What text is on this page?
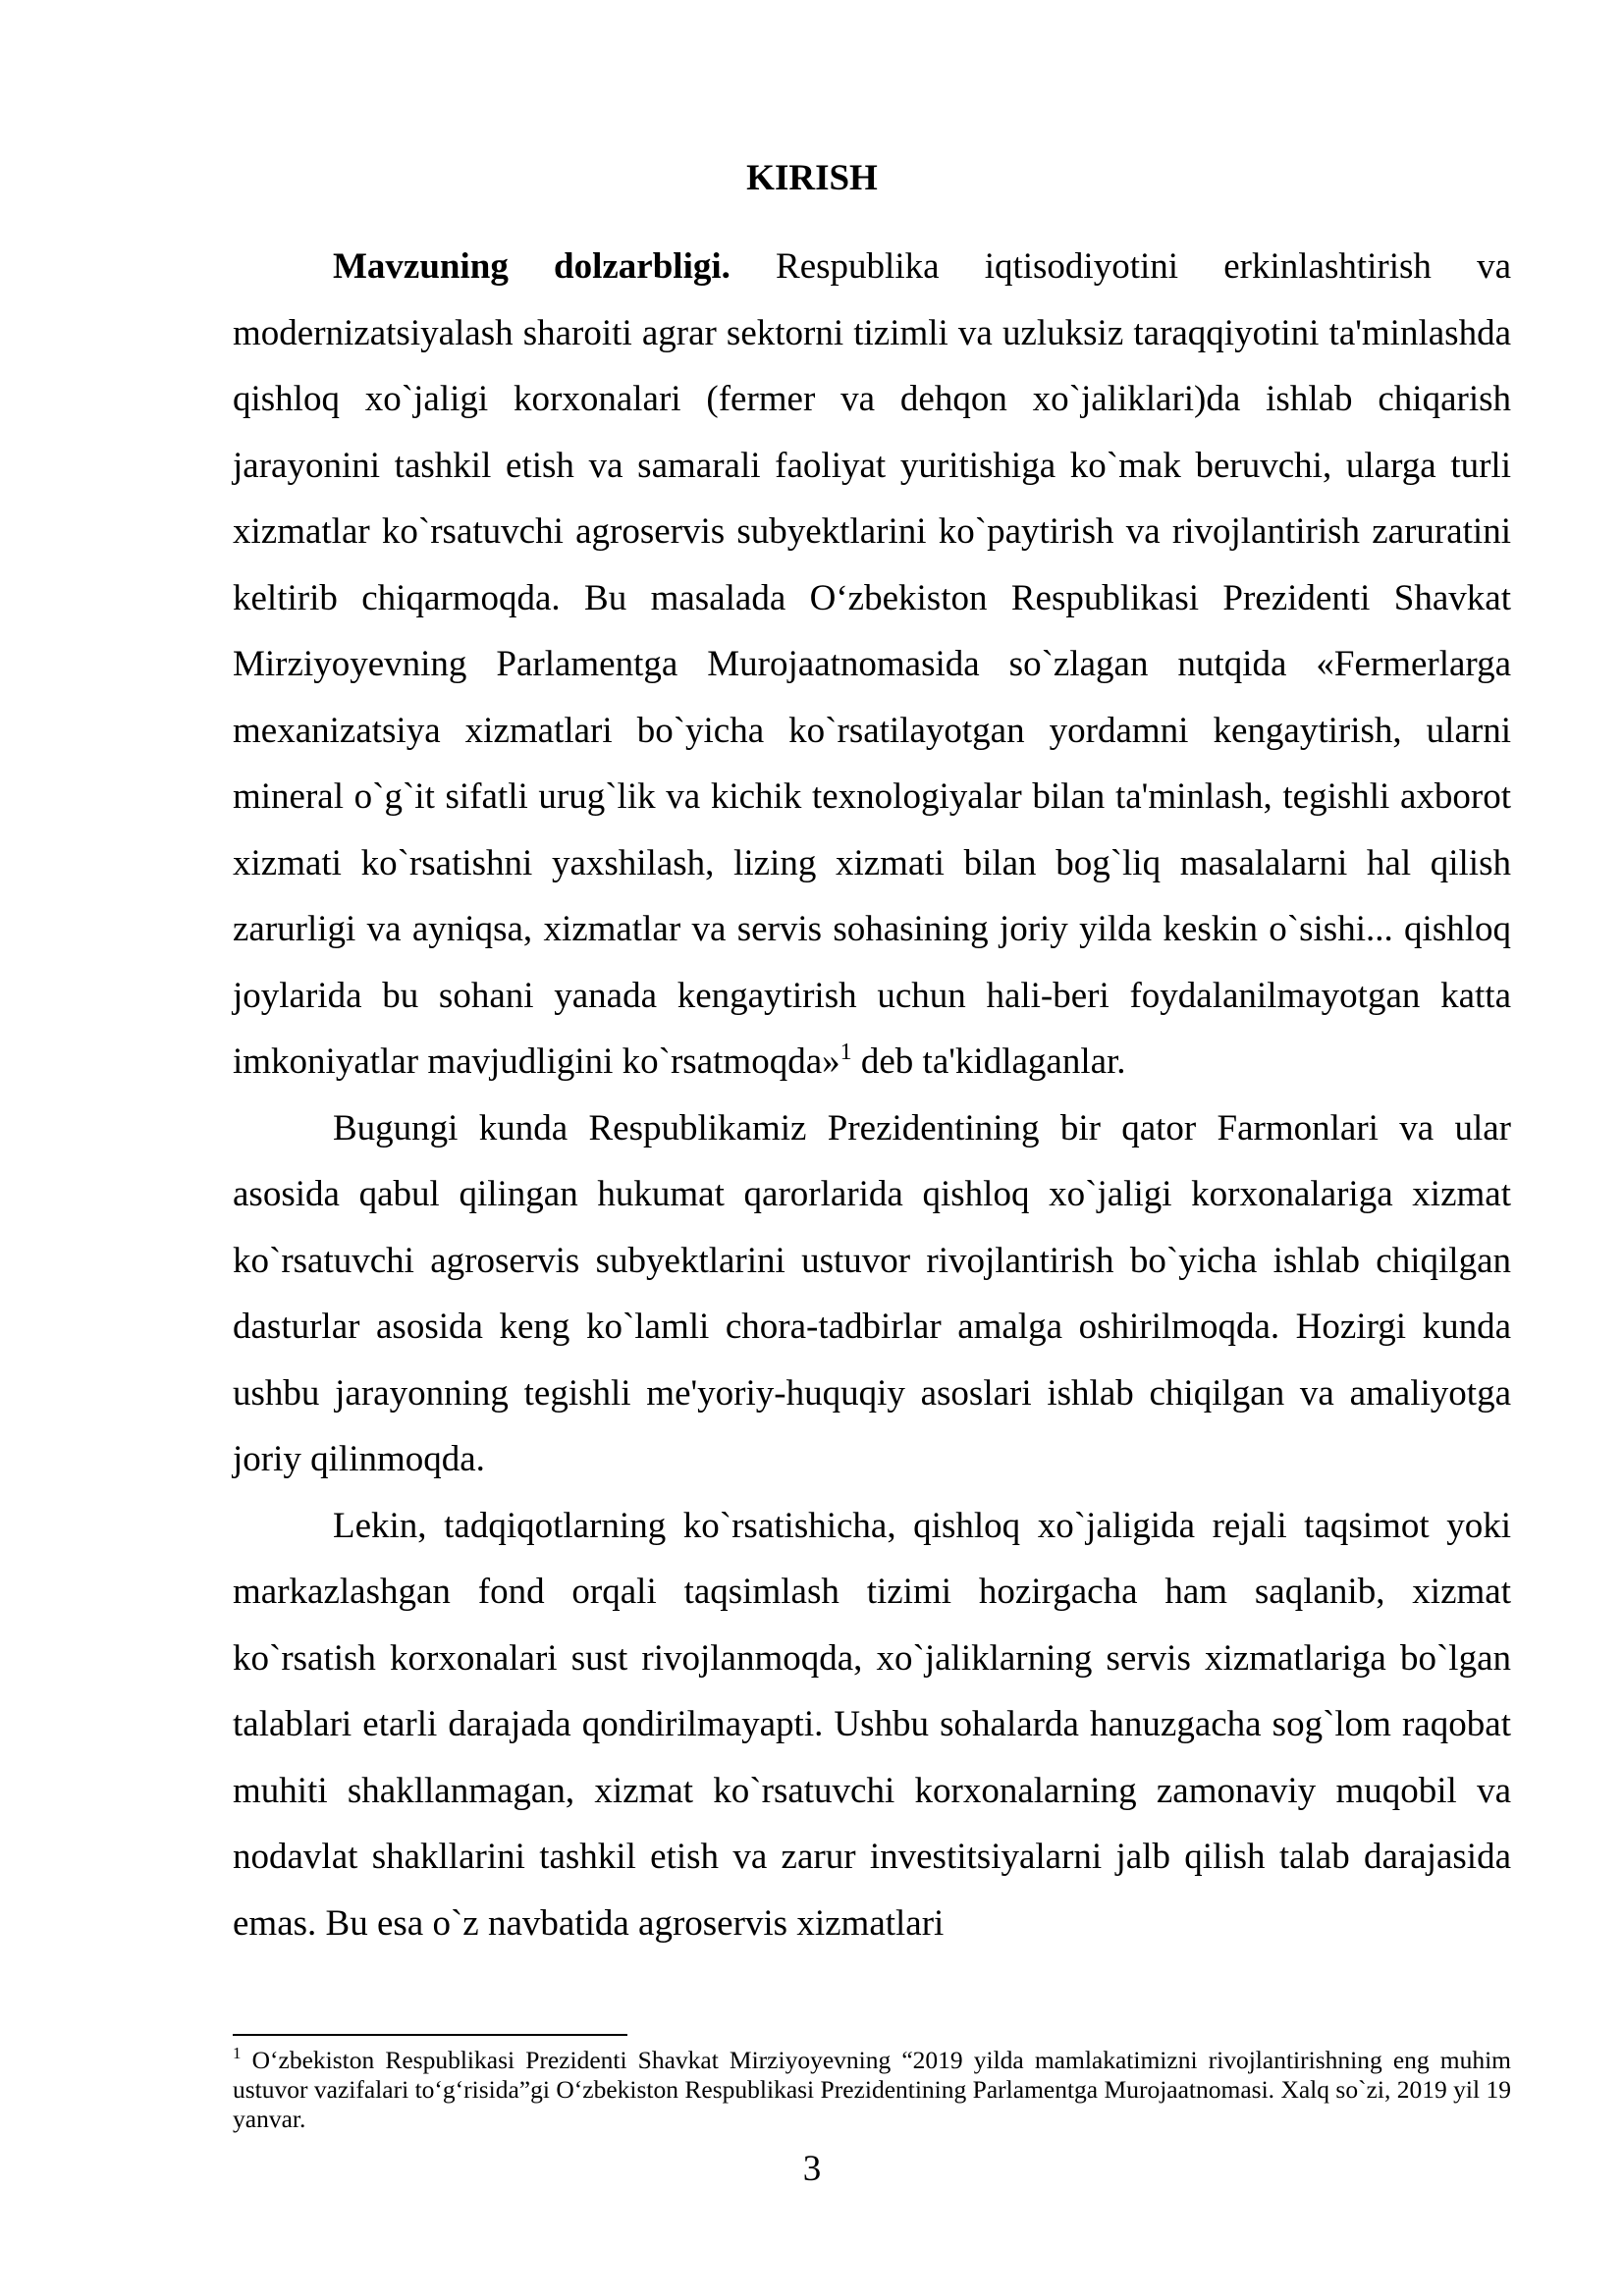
KIRISH

Mavzuning dolzarbligi. Respublika iqtisodiyotini erkinlashtirish va modernizatsiyalash sharoiti agrar sektorni tizimli va uzluksiz taraqqiyotini ta'minlashda qishloq xo`jaligi korxonalari (fermer va dehqon xo`jaliklari)da ishlab chiqarish jarayonini tashkil etish va samarali faoliyat yuritishiga ko`mak beruvchi, ularga turli xizmatlar ko`rsatuvchi agroservis subyektlarini ko`paytirish va rivojlantirish zaruratini keltirib chiqarmoqda. Bu masalada O‘zbekiston Respublikasi Prezidenti Shavkat Mirziyoyevning Parlamentga Murojaatnomasida so`zlagan nutqida «Fermerlarga mexanizatsiya xizmatlari bo`yicha ko`rsatilayotgan yordamni kengaytirish, ularni mineral o`g`it sifatli urug`lik va kichik texnologiyalar bilan ta'minlash, tegishli axborot xizmati ko`rsatishni yaxshilash, lizing xizmati bilan bog`liq masalalarni hal qilish zarurligi va ayniqsa, xizmatlar va servis sohasining joriy yilda keskin o`sishi... qishloq joylarida bu sohani yanada kengaytirish uchun hali-beri foydalanilmayotgan katta imkoniyatlar mavjudligini ko`rsatmoqda»$^1$ deb ta'kidlaganlar.

Bugungi kunda Respublikamiz Prezidentining bir qator Farmonlari va ular asosida qabul qilingan hukumat qarorlarida qishloq xo`jaligi korxonalariga xizmat ko`rsatuvchi agroservis subyektlarini ustuvor rivojlantirish bo`yicha ishlab chiqilgan dasturlar asosida keng ko`lamli chora-tadbirlar amalga oshirilmoqda. Hozirgi kunda ushbu jarayonning tegishli me'yoriy-huquqiy asoslari ishlab chiqilgan va amaliyotga joriy qilinmoqda.

Lekin, tadqiqotlarning ko`rsatishicha, qishloq xo`jaligida rejali taqsimot yoki markazlashgan fond orqali taqsimlash tizimi hozirgacha ham saqlanib, xizmat ko`rsatish korxonalari sust rivojlanmoqda, xo`jaliklarning servis xizmatlariga bo`lgan talablari etarli darajada qondirilmayapti. Ushbu sohalarda hanuzgacha sog`lom raqobat muhiti shakllanmagan, xizmat ko`rsatuvchi korxonalarning zamonaviy muqobil va nodavlat shakllarini tashkil etish va zarur investitsiyalarni jalb qilish talab darajasida emas. Bu esa o`z navbatida agroservis xizmatlari

$^1$ O‘zbekiston Respublikasi Prezidenti Shavkat Mirziyoyevning “2019 yilda mamlakatimizni rivojlantirishning eng muhim ustuvor vazifalari to‘g‘risida”gi O‘zbekiston Respublikasi Prezidentining Parlamentga Murojaatnomasi. Xalq so`zi, 2019 yil 19 yanvar.
3
